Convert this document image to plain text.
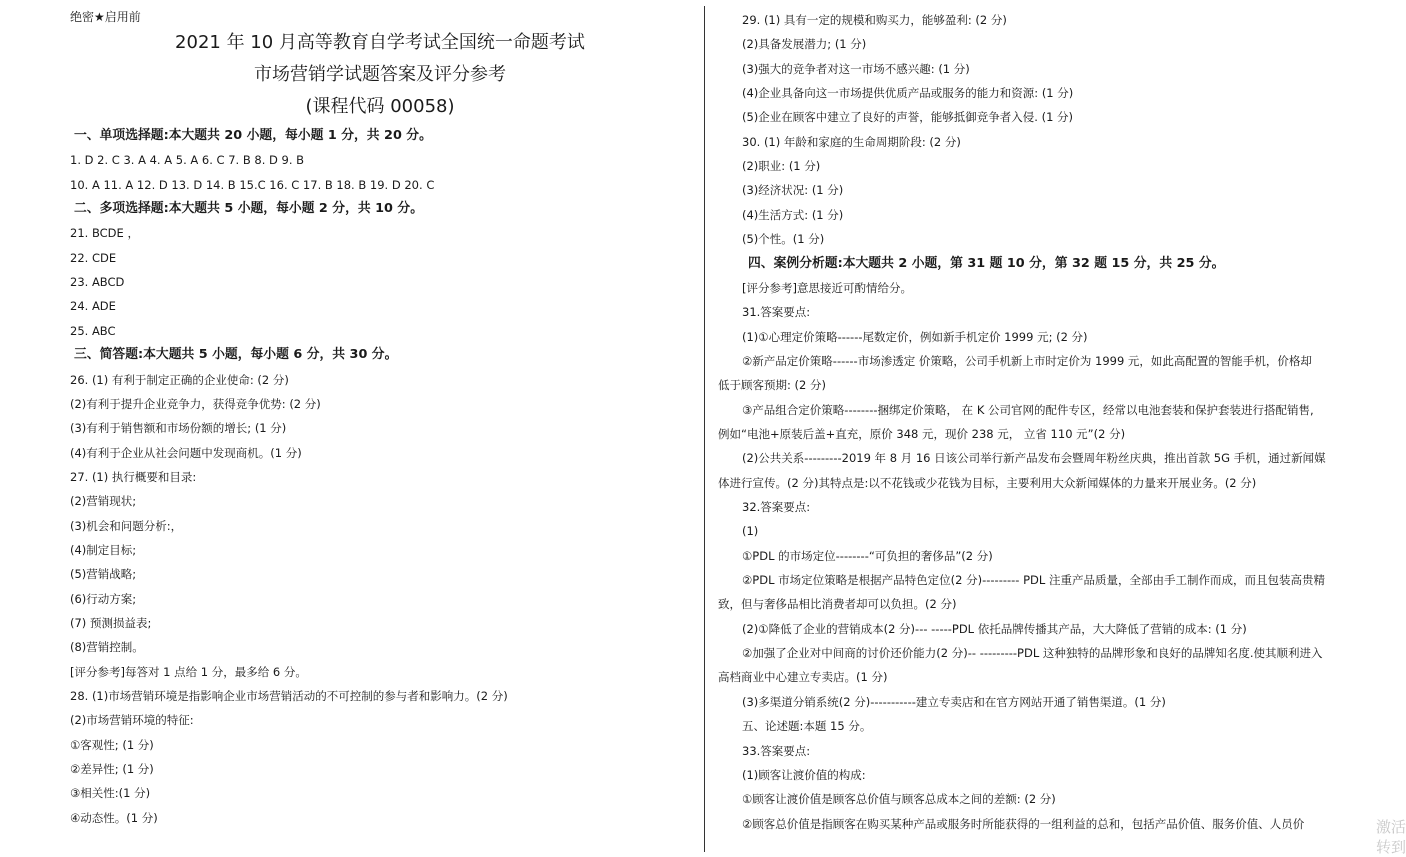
绝密★启用前
2021 年 10 月高等教育自学考试全国统一命题考试
市场营销学试题答案及评分参考
(课程代码 00058)
一、单项选择题:本大题共 20 小题，每小题 1 分，共 20 分。
1. D 2. C 3. A 4. A 5. A 6. C 7. B 8. D 9. B
10. A 11. A 12. D 13. D 14. B 15.C 16. C 17. B 18. B 19. D 20. C
二、多项选择题:本大题共 5 小题，每小题 2 分，共 10 分。
21. BCDE ，
22. CDE
23. ABCD
24. ADE
25. ABC
三、简答题:本大题共 5 小题，每小题 6 分，共 30 分。
26. (1) 有利于制定正确的企业使命: (2 分)
(2)有利于提升企业竞争力，获得竞争优势: (2 分)
(3)有利于销售额和市场份额的增长; (1 分)
(4)有利于企业从社会问题中发现商机。(1 分)
27. (1) 执行概要和目录:
(2)营销现状;
(3)机会和问题分析:，
(4)制定目标;
(5)营销战略;
(6)行动方案;
(7) 预测损益表;
(8)营销控制。
[评分参考]每答对 1 点给 1 分，最多给 6 分。
28. (1)市场营销环境是指影响企业市场营销活动的不可控制的参与者和影响力。(2 分)
(2)市场营销环境的特征:
①客观性; (1 分)
②差异性; (1 分)
③相关性:(1 分)
④动态性。(1 分)
29. (1) 具有一定的规模和购买力，能够盈利: (2 分)
(2)具备发展潜力; (1 分)
(3)强大的竞争者对这一市场不感兴趣: (1 分)
(4)企业具备向这一市场提供优质产品或服务的能力和资源: (1 分)
(5)企业在顾客中建立了良好的声誉，能够抵御竞争者入侵. (1 分)
30. (1) 年龄和家庭的生命周期阶段: (2 分)
(2)职业: (1 分)
(3)经济状况: (1 分)
(4)生活方式: (1 分)
(5)个性。(1 分)
四、案例分析题:本大题共 2 小题，第 31 题 10 分，第 32 题 15 分，共 25 分。
[评分参考]意思接近可酌情给分。
31.答案要点:
(1)①心理定价策略------尾数定价，例如新手机定价 1999 元; (2 分)
②新产品定价策略------市场渗透定 价策略，公司手机新上市时定价为 1999 元，如此高配置的智能手机，价格却
低于顾客预期: (2 分)
③产品组合定价策略--------捆绑定价策略， 在 K 公司官网的配件专区，经常以电池套装和保护套装进行搭配销售,
例如“电池+原装后盖+直充，原价 348 元，现价 238 元， 立省 110 元”(2 分)
(2)公共关系---------2019 年 8 月 16 日该公司举行新产品发布会暨周年粉丝庆典，推出首款 5G 手机，通过新闻媒
体进行宣传。(2 分)其特点是:以不花钱或少花钱为目标，主要利用大众新闻媒体的力量来开展业务。(2 分)
32.答案要点:
(1)
①PDL 的市场定位--------“可负担的奢侈品”(2 分)
②PDL 市场定位策略是根据产品特色定位(2 分)--------- PDL 注重产品质量，全部由手工制作而成，而且包装高贵精
致，但与奢侈品相比消费者却可以负担。(2 分)
(2)①降低了企业的营销成本(2 分)--- -----PDL 依托品牌传播其产品，大大降低了营销的成本: (1 分)
②加强了企业对中间商的讨价还价能力(2 分)-- ---------PDL 这种独特的品牌形象和良好的品牌知名度.使其顺利进入
高档商业中心建立专卖店。(1 分)
(3)多渠道分销系统(2 分)-----------建立专卖店和在官方网站开通了销售渠道。(1 分)
五、论述题:本题 15 分。
33.答案要点:
(1)顾客让渡价值的构成:
①顾客让渡价值是顾客总价值与顾客总成本之间的差额: (2 分)
②顾客总价值是指顾客在购买某种产品或服务时所能获得的一组利益的总和，包括产品价值、服务价值、人员价	激活
转到
